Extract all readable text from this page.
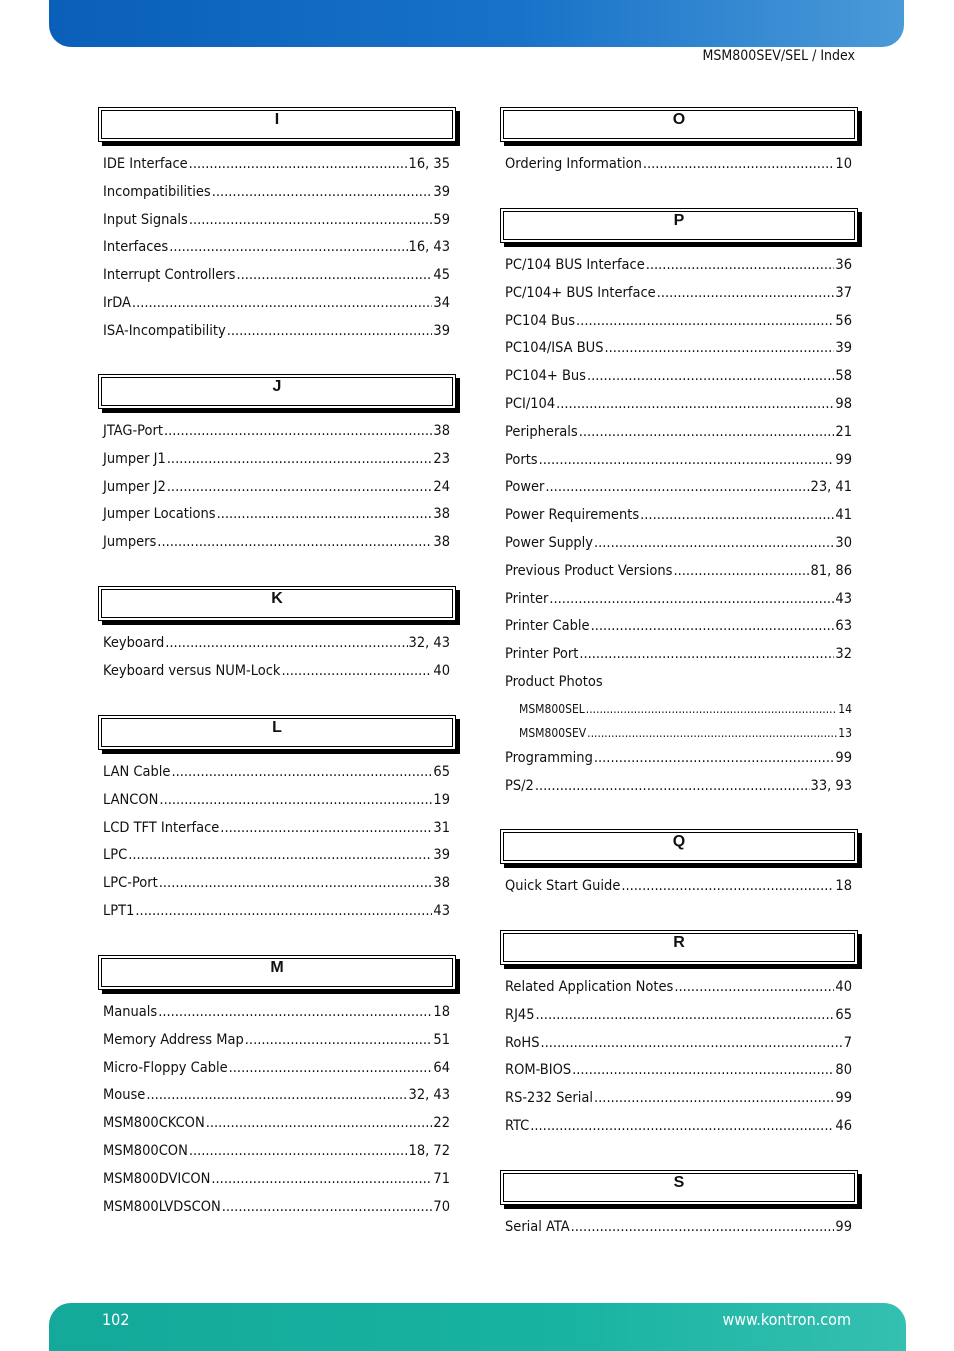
MSM800SEV/SEL / Index
I
IDE Interface .....	16, 35
Incompatibilities .....	39
Input Signals .....	59
Interfaces .....	16, 43
Interrupt Controllers .....	45
IrDA .....	34
ISA-Incompatibility .....	39
J
JTAG-Port .....	38
Jumper J1 .....	23
Jumper J2 .....	24
Jumper Locations .....	38
Jumpers .....	38
K
Keyboard .....	32, 43
Keyboard versus NUM-Lock .....	40
L
LAN Cable .....	65
LANCON .....	19
LCD TFT Interface .....	31
LPC .....	39
LPC-Port .....	38
LPT1 .....	43
M
Manuals .....	18
Memory Address Map .....	51
Micro-Floppy Cable .....	64
Mouse .....	32, 43
MSM800CKCON .....	22
MSM800CON .....	18, 72
MSM800DVICON .....	71
MSM800LVDSCON .....	70
O
Ordering Information .....	10
P
PC/104 BUS Interface .....	36
PC/104+ BUS Interface .....	37
PC104 Bus .....	56
PC104/ISA BUS .....	39
PC104+ Bus .....	58
PCI/104 .....	98
Peripherals .....	21
Ports .....	99
Power .....	23, 41
Power Requirements .....	41
Power Supply .....	30
Previous Product Versions .....	81, 86
Printer .....	43
Printer Cable .....	63
Printer Port .....	32
Product Photos
MSM800SEL .....	14
MSM800SEV .....	13
Programming .....	99
PS/2 .....	33, 93
Q
Quick Start Guide .....	18
R
Related Application Notes .....	40
RJ45 .....	65
RoHS .....	7
ROM-BIOS .....	80
RS-232 Serial .....	99
RTC .....	46
S
Serial ATA .....	99
102	www.kontron.com
